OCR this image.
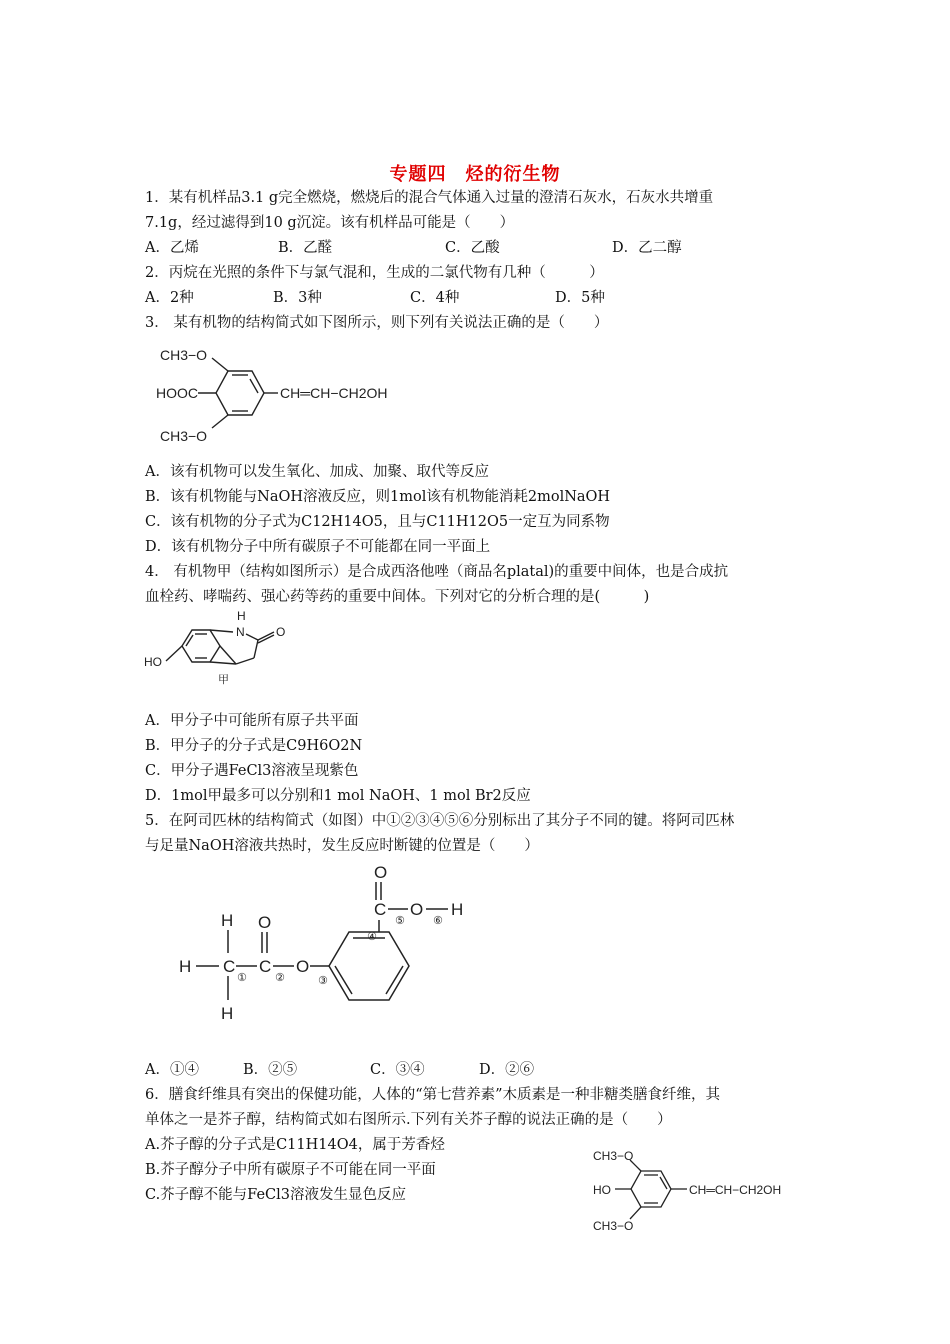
专题四　烃的衍生物
1．某有机样品3.1 g完全燃烧，燃烧后的混合气体通入过量的澄清石灰水，石灰水共增重
7.1g，经过滤得到10 g沉淀。该有机样品可能是（　　）
A．乙烯	B．乙醛	C．乙酸	D．乙二醇
2．丙烷在光照的条件下与氯气混和，生成的二氯代物有几种（　　　）
A．2种	B．3种	C．4种	D．5种
3． 某有机物的结构简式如下图所示，则下列有关说法正确的是（　　）
CH3−O
HOOC	CH═CH−CH2OH
CH3−O
A．该有机物可以发生氧化、加成、加聚、取代等反应
B．该有机物能与NaOH溶液反应，则1mol该有机物能消耗2molNaOH
C．该有机物的分子式为C12H14O5，且与C11H12O5一定互为同系物
D．该有机物分子中所有碳原子不可能都在同一平面上
4． 有机物甲（结构如图所示）是合成西洛他唑（商品名platal)的重要中间体，也是合成抗
血栓药、哮喘药、强心药等药的重要中间体。下列对它的分析合理的是(　　　)
H
N	O
HO
甲
A．甲分子中可能所有原子共平面
B．甲分子的分子式是C9H6O2N
C．甲分子遇FeCl3溶液呈现紫色
D．1mol甲最多可以分别和1 mol NaOH、1 mol Br2反应
5．在阿司匹林的结构简式（如图）中①②③④⑤⑥分别标出了其分子不同的键。将阿司匹林
与足量NaOH溶液共热时，发生反应时断键的位置是（　　）
H
H
H
C
O
C O
O
C O H
①	②	③
④
⑤	⑥
A．①④	B．②⑤	C．③④	D．②⑥
6．膳食纤维具有突出的保健功能，人体的“第七营养素”木质素是一种非糖类膳食纤维，其
单体之一是芥子醇，结构简式如右图所示.下列有关芥子醇的说法正确的是（　　）
A.芥子醇的分子式是C11H14O4，属于芳香烃
B.芥子醇分子中所有碳原子不可能在同一平面
C.芥子醇不能与FeCl3溶液发生显色反应
CH3−O
HO	CH═CH−CH2OH
CH3−O
